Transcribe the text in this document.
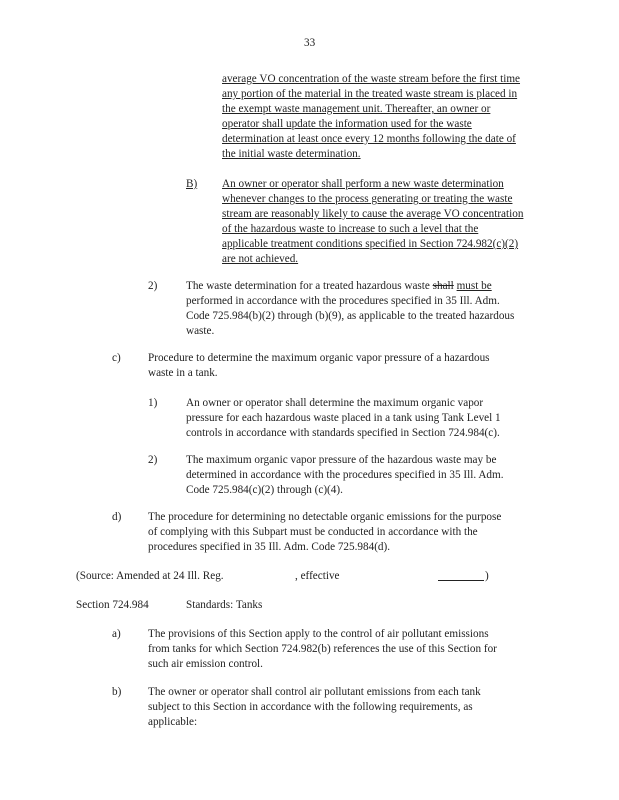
33
average VO concentration of the waste stream before the first time
any portion of the material in the treated waste stream is placed in
the exempt waste management unit. Thereafter, an owner or
operator shall update the information used for the waste
determination at least once every 12 months following the date of
the initial waste determination.
B) An owner or operator shall perform a new waste determination
whenever changes to the process generating or treating the waste
stream are reasonably likely to cause the average VO concentration
of the hazardous waste to increase to such a level that the
applicable treatment conditions specified in Section 724.982(c)(2)
are not achieved.
2)	The waste determination for a treated hazardous waste shall must be
performed in accordance with the procedures specified in 35 Ill. Adm.
Code 725.984(b)(2) through (b)(9), as applicable to the treated hazardous
waste.
c) Procedure to determine the maximum organic vapor pressure of a hazardous
waste in a tank.
1)	An owner or operator shall determine the maximum organic vapor
pressure for each hazardous waste placed in a tank using Tank Level 1
controls in accordance with standards specified in Section 724.984(c).
2)	The maximum organic vapor pressure of the hazardous waste may be
determined in accordance with the procedures specified in 35 Ill. Adm.
Code 725.984(c)(2) through (c)(4).
d) The procedure for determining no detectable organic emissions for the purpose
of complying with this Subpart must be conducted in accordance with the
procedures specified in 35 Ill. Adm. Code 725.984(d).
(Source: Amended at 24 Ill. Reg.	, effective	)
Section 724.984	Standards: Tanks
a) The provisions of this Section apply to the control of air pollutant emissions
from tanks for which Section 724.982(b) references the use of this Section for
such air emission control.
b) The owner or operator shall control air pollutant emissions from each tank
subject to this Section in accordance with the following requirements, as
applicable:
